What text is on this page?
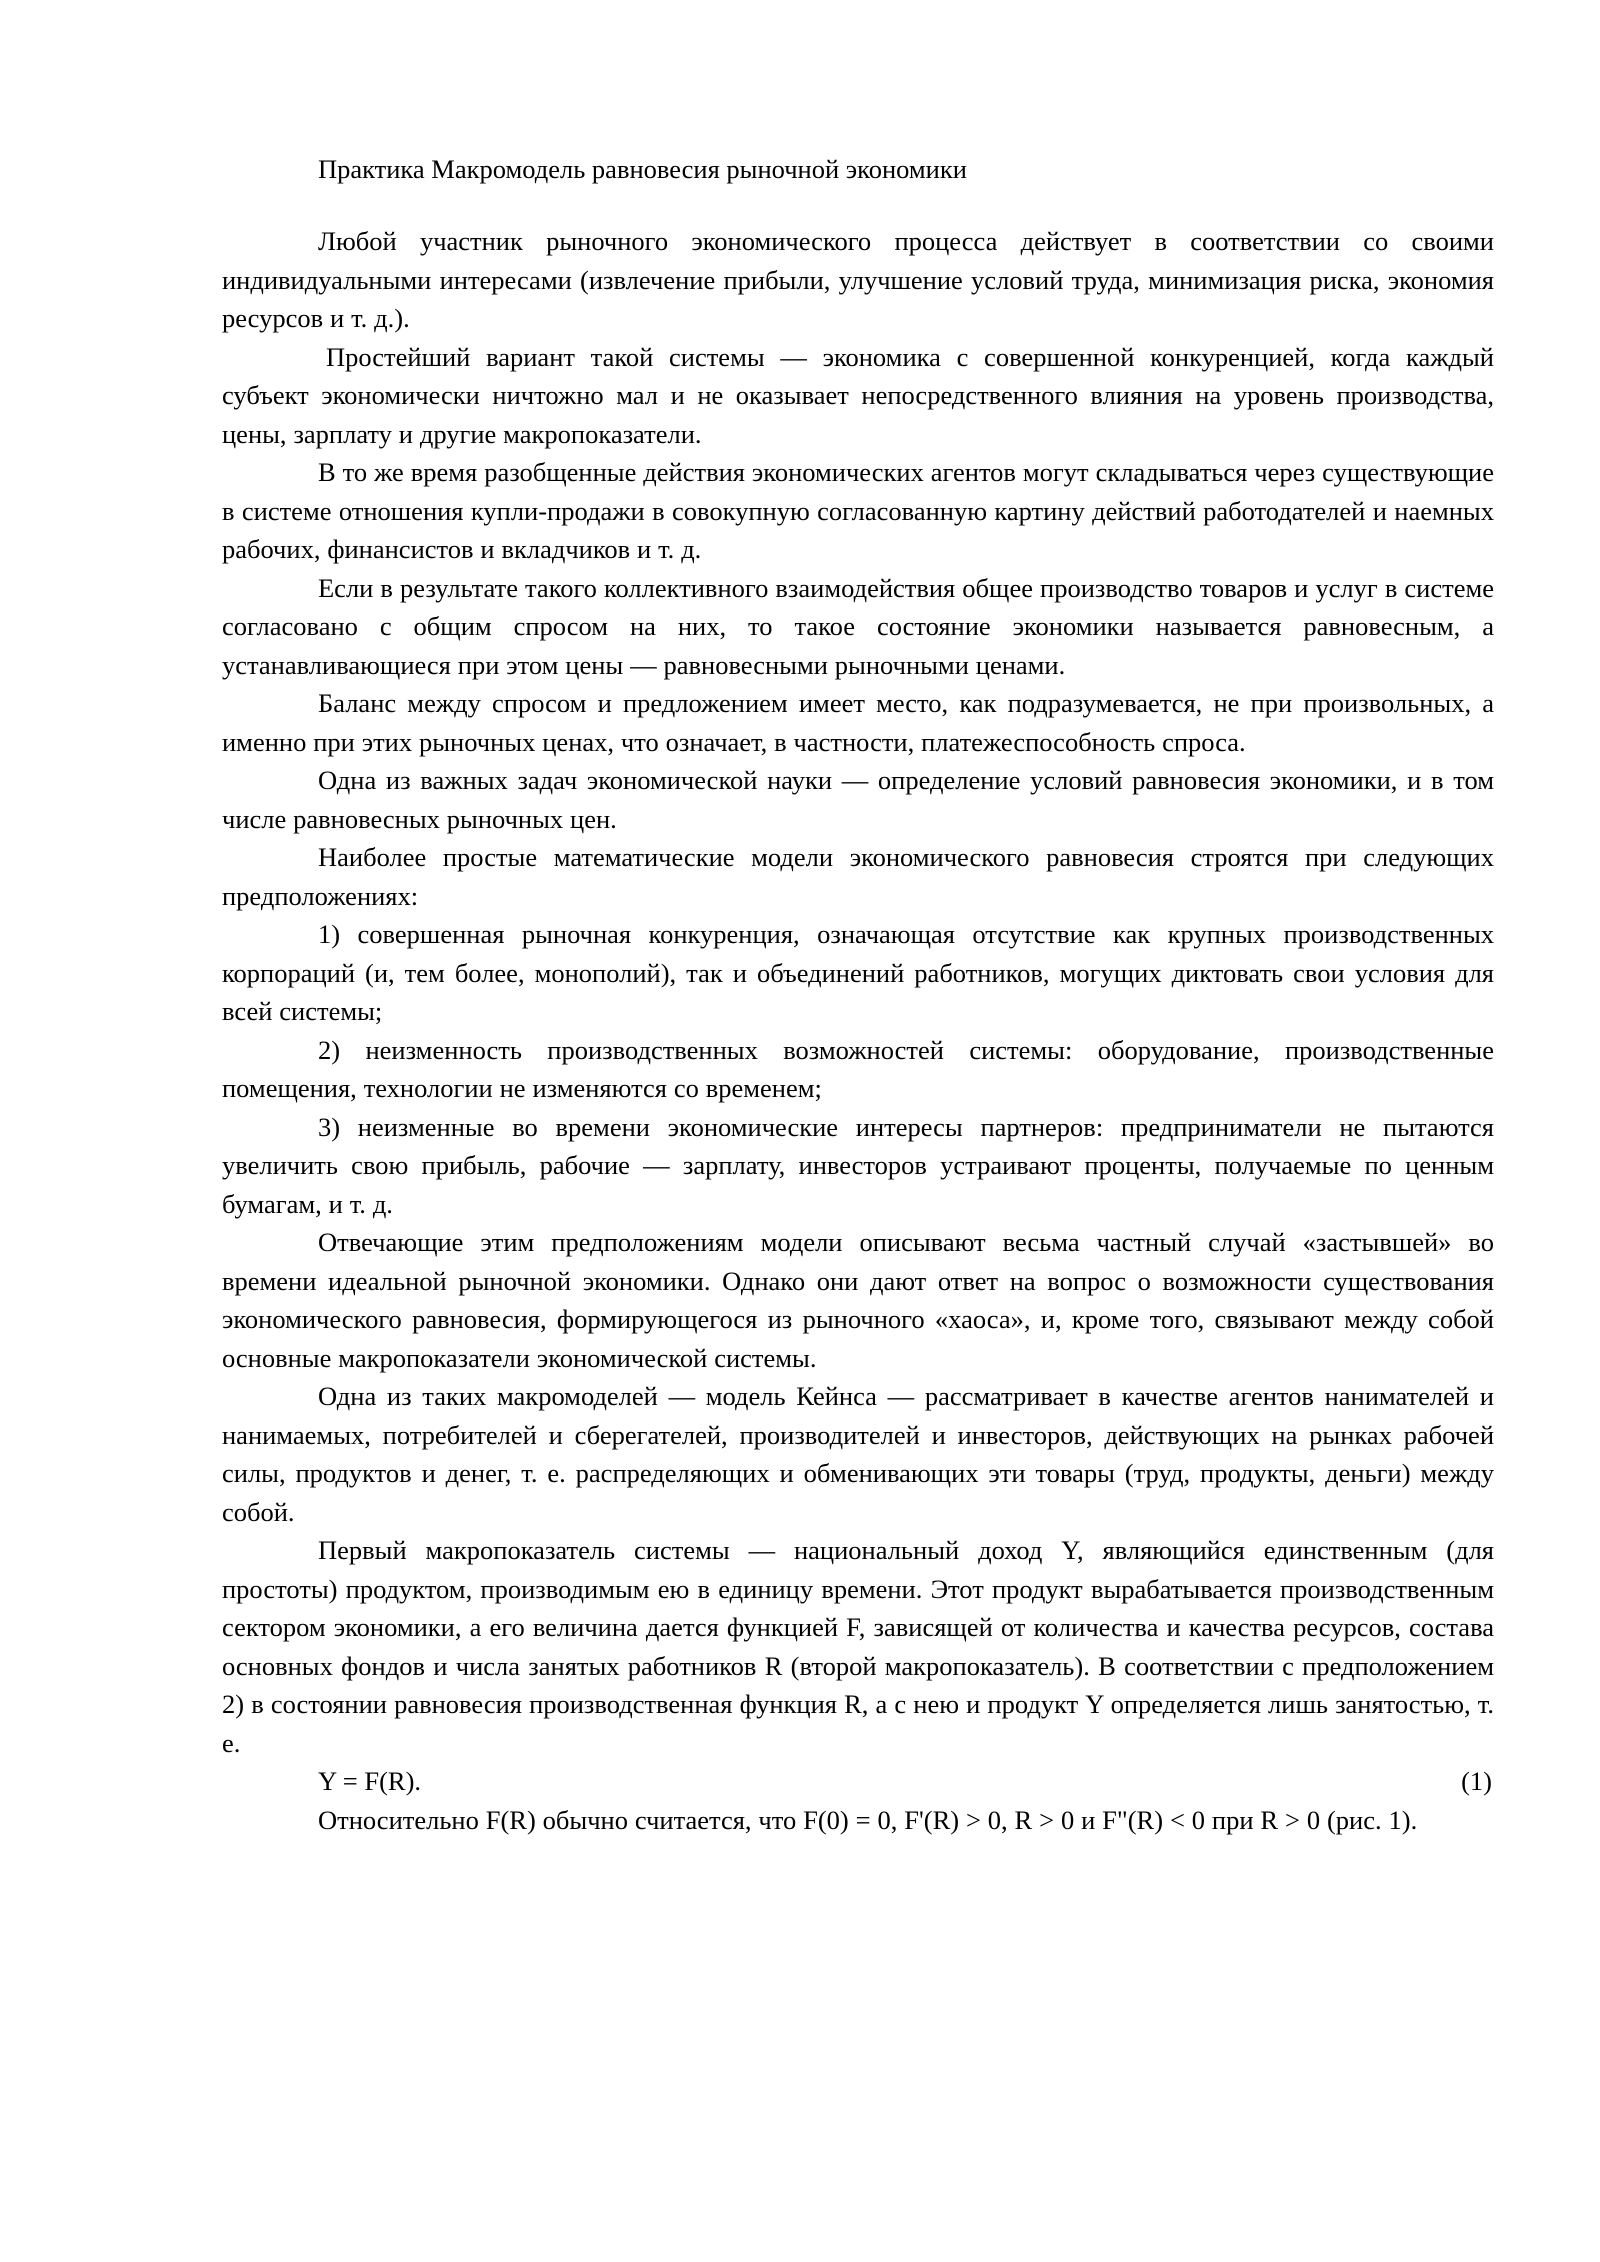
Практика Макромодель равновесия рыночной экономики

Любой участник рыночного экономического процесса действует в соответствии со своими индивидуальными интересами (извлечение прибыли, улучшение условий труда, минимизация риска, экономия ресурсов и т. д.).

Простейший вариант такой системы — экономика с совершенной конкуренцией, когда каждый субъект экономически ничтожно мал и не оказывает непосредственного влияния на уровень производства, цены, зарплату и другие макропоказатели.

В то же время разобщенные действия экономических агентов могут складываться через существующие в системе отношения купли-продажи в совокупную согласованную картину действий работодателей и наемных рабочих, финансистов и вкладчиков и т. д.

Если в результате такого коллективного взаимодействия общее производство товаров и услуг в системе согласовано с общим спросом на них, то такое состояние экономики называется равновесным, а устанавливающиеся при этом цены — равновесными рыночными ценами.

Баланс между спросом и предложением имеет место, как подразумевается, не при произвольных, а именно при этих рыночных ценах, что означает, в частности, платежеспособность спроса.

Одна из важных задач экономической науки — определение условий равновесия экономики, и в том числе равновесных рыночных цен.

Наиболее простые математические модели экономического равновесия строятся при следующих предположениях:

1) совершенная рыночная конкуренция, означающая отсутствие как крупных производственных корпораций (и, тем более, монополий), так и объединений работников, могущих диктовать свои условия для всей системы;

2) неизменность производственных возможностей системы: оборудование, производственные помещения, технологии не изменяются со временем;

3) неизменные во времени экономические интересы партнеров: предприниматели не пытаются увеличить свою прибыль, рабочие — зарплату, инвесторов устраивают проценты, получаемые по ценным бумагам, и т. д.

Отвечающие этим предположениям модели описывают весьма частный случай «застывшей» во времени идеальной рыночной экономики. Однако они дают ответ на вопрос о возможности существования экономического равновесия, формирующегося из рыночного «хаоса», и, кроме того, связывают между собой основные макропоказатели экономической системы.

Одна из таких макромоделей — модель Кейнса — рассматривает в качестве агентов нанимателей и нанимаемых, потребителей и сберегателей, производителей и инвесторов, действующих на рынках рабочей силы, продуктов и денег, т. е. распределяющих и обменивающих эти товары (труд, продукты, деньги) между собой.

Первый макропоказатель системы — национальный доход Y, являющийся единственным (для простоты) продуктом, производимым ею в единицу времени. Этот продукт вырабатывается производственным сектором экономики, а его величина дается функцией F, зависящей от количества и качества ресурсов, состава основных фондов и числа занятых работников R (второй макропоказатель). В соответствии с предположением 2) в состоянии равновесия производственная функция R, а с нею и продукт Y определяется лишь занятостью, т. е.

Y = F(R).	(1)

Относительно F(R) обычно считается, что F(0) = 0, F'(R) > 0, R > 0 и F"(R) < 0 при R > 0 (рис. 1).
